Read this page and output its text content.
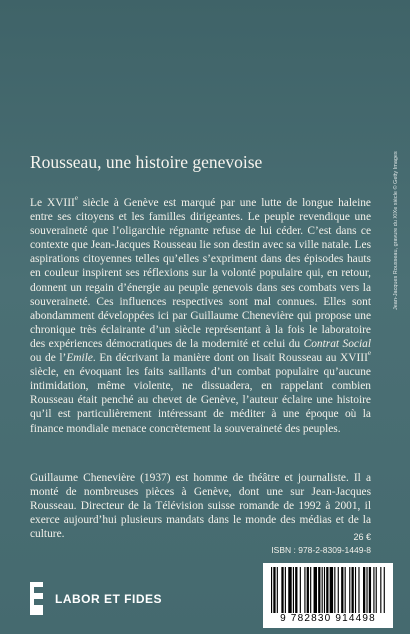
Rousseau, une histoire genevoise

Le XVIIIe siècle à Genève est marqué par une lutte de longue haleine entre ses citoyens et les familles dirigeantes. Le peuple revendique une souveraineté que l’oligarchie régnante refuse de lui céder. C’est dans ce contexte que Jean-Jacques Rousseau lie son destin avec sa ville natale. Les aspirations citoyennes telles qu’elles s’expriment dans des épisodes hauts en couleur inspirent ses réflexions sur la volonté populaire qui, en retour, donnent un regain d’énergie au peuple genevois dans ses combats vers la souveraineté. Ces influences respectives sont mal connues. Elles sont abondamment développées ici par Guillaume Chenevière qui propose une chronique très éclairante d’un siècle représentant à la fois le laboratoire des expériences démocratiques de la modernité et celui du Contrat Social ou de l’Emile. En décrivant la manière dont on lisait Rousseau au XVIIIe siècle, en évoquant les faits saillants d’un combat populaire qu’aucune intimidation, même violente, ne dissuadera, en rappelant combien Rousseau était penché au chevet de Genève, l’auteur éclaire une histoire qu’il est particulièrement intéressant de méditer à une époque où la finance mondiale menace concrètement la souveraineté des peuples.

Guillaume Chenevière (1937) est homme de théâtre et journaliste. Il a monté de nombreuses pièces à Genève, dont une sur Jean-Jacques Rousseau. Directeur de la Télévision suisse romande de 1992 à 2001, il exerce aujourd’hui plusieurs mandats dans le monde des médias et de la culture.
Jean-Jacques Rousseau, gravure du XIXe siècle © Getty Images
26 €
ISBN : 978-2-8309-1449-8
LABOR ET FIDES
9 782830 914498
